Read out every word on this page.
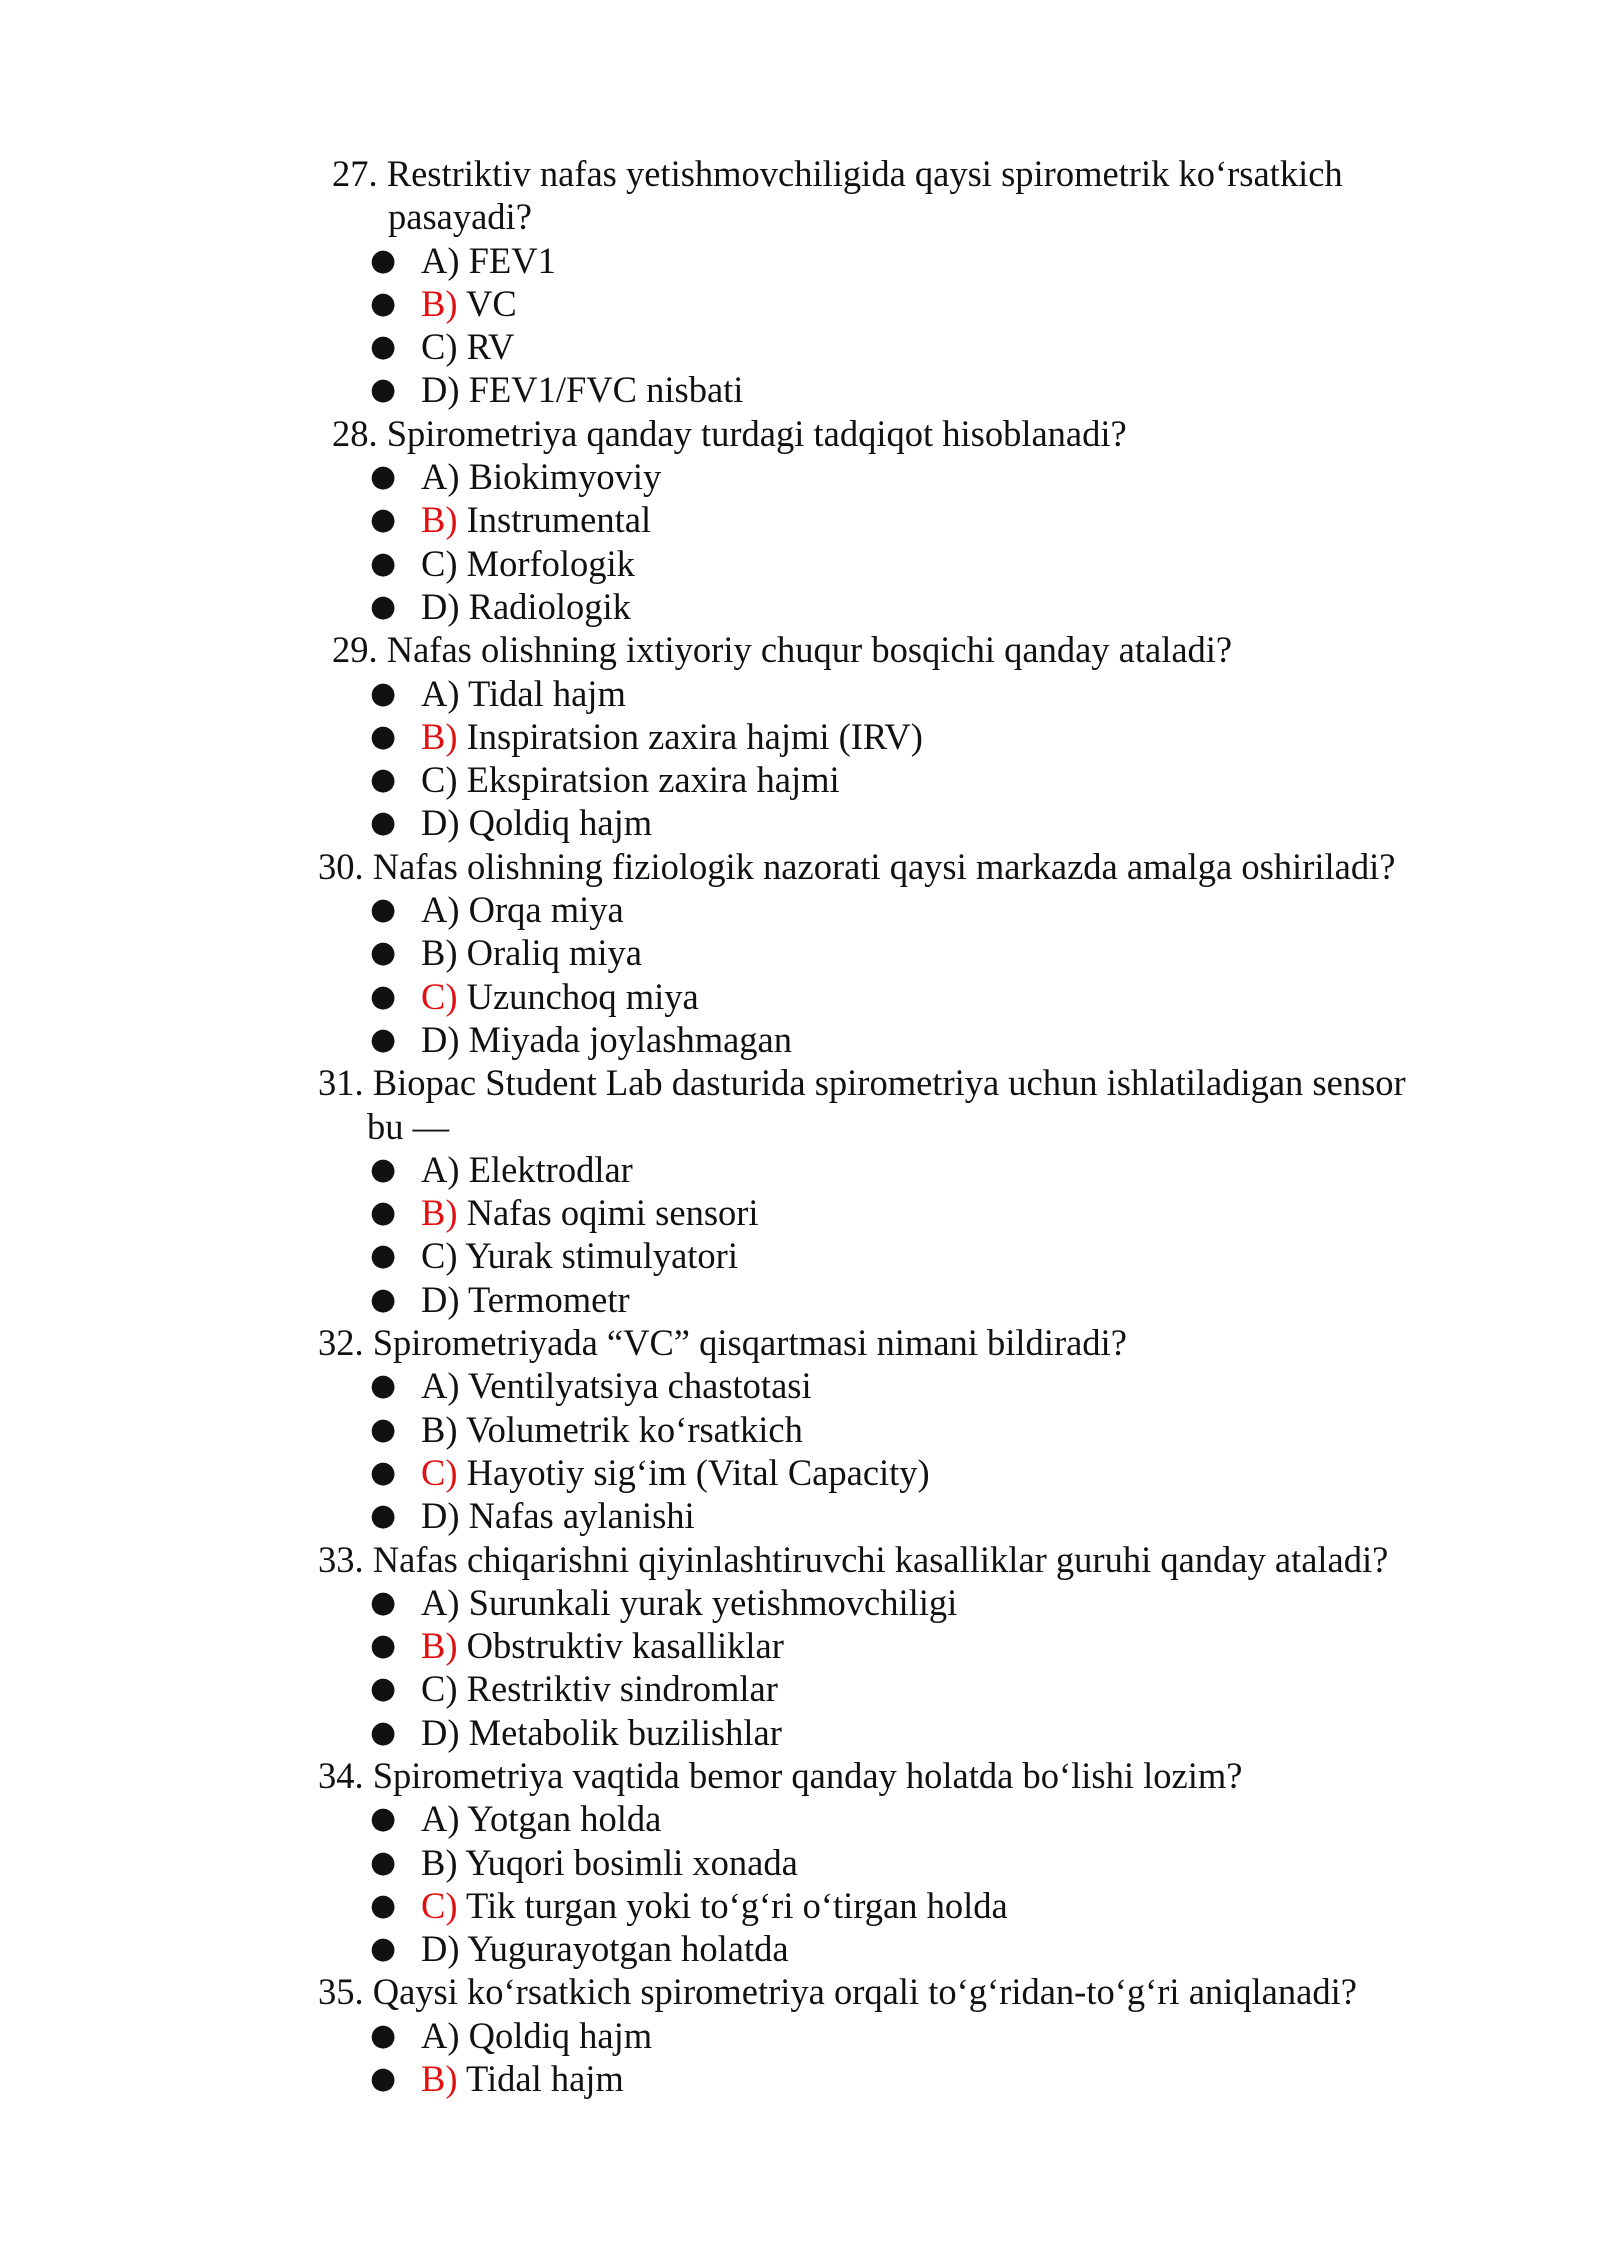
27. Restriktiv nafas yetishmovchiligida qaysi spirometrik ko‘rsatkich
pasayadi?
● A) FEV1
● B) VC
● C) RV
● D) FEV1/FVC nisbati
28. Spirometriya qanday turdagi tadqiqot hisoblanadi?
● A) Biokimyoviy
● B) Instrumental
● C) Morfologik
● D) Radiologik
29. Nafas olishning ixtiyoriy chuqur bosqichi qanday ataladi?
● A) Tidal hajm
● B) Inspiratsion zaxira hajmi (IRV)
● C) Ekspiratsion zaxira hajmi
● D) Qoldiq hajm
30. Nafas olishning fiziologik nazorati qaysi markazda amalga oshiriladi?
● A) Orqa miya
● B) Oraliq miya
● C) Uzunchoq miya
● D) Miyada joylashmagan
31. Biopac Student Lab dasturida spirometriya uchun ishlatiladigan sensor
bu —
● A) Elektrodlar
● B) Nafas oqimi sensori
● C) Yurak stimulyatori
● D) Termometr
32. Spirometriyada “VC” qisqartmasi nimani bildiradi?
● A) Ventilyatsiya chastotasi
● B) Volumetrik ko‘rsatkich
● C) Hayotiy sig‘im (Vital Capacity)
● D) Nafas aylanishi
33. Nafas chiqarishni qiyinlashtiruvchi kasalliklar guruhi qanday ataladi?
● A) Surunkali yurak yetishmovchiligi
● B) Obstruktiv kasalliklar
● C) Restriktiv sindromlar
● D) Metabolik buzilishlar
34. Spirometriya vaqtida bemor qanday holatda bo‘lishi lozim?
● A) Yotgan holda
● B) Yuqori bosimli xonada
● C) Tik turgan yoki to‘g‘ri o‘tirgan holda
● D) Yugurayotgan holatda
35. Qaysi ko‘rsatkich spirometriya orqali to‘g‘ridan-to‘g‘ri aniqlanadi?
● A) Qoldiq hajm
● B) Tidal hajm
